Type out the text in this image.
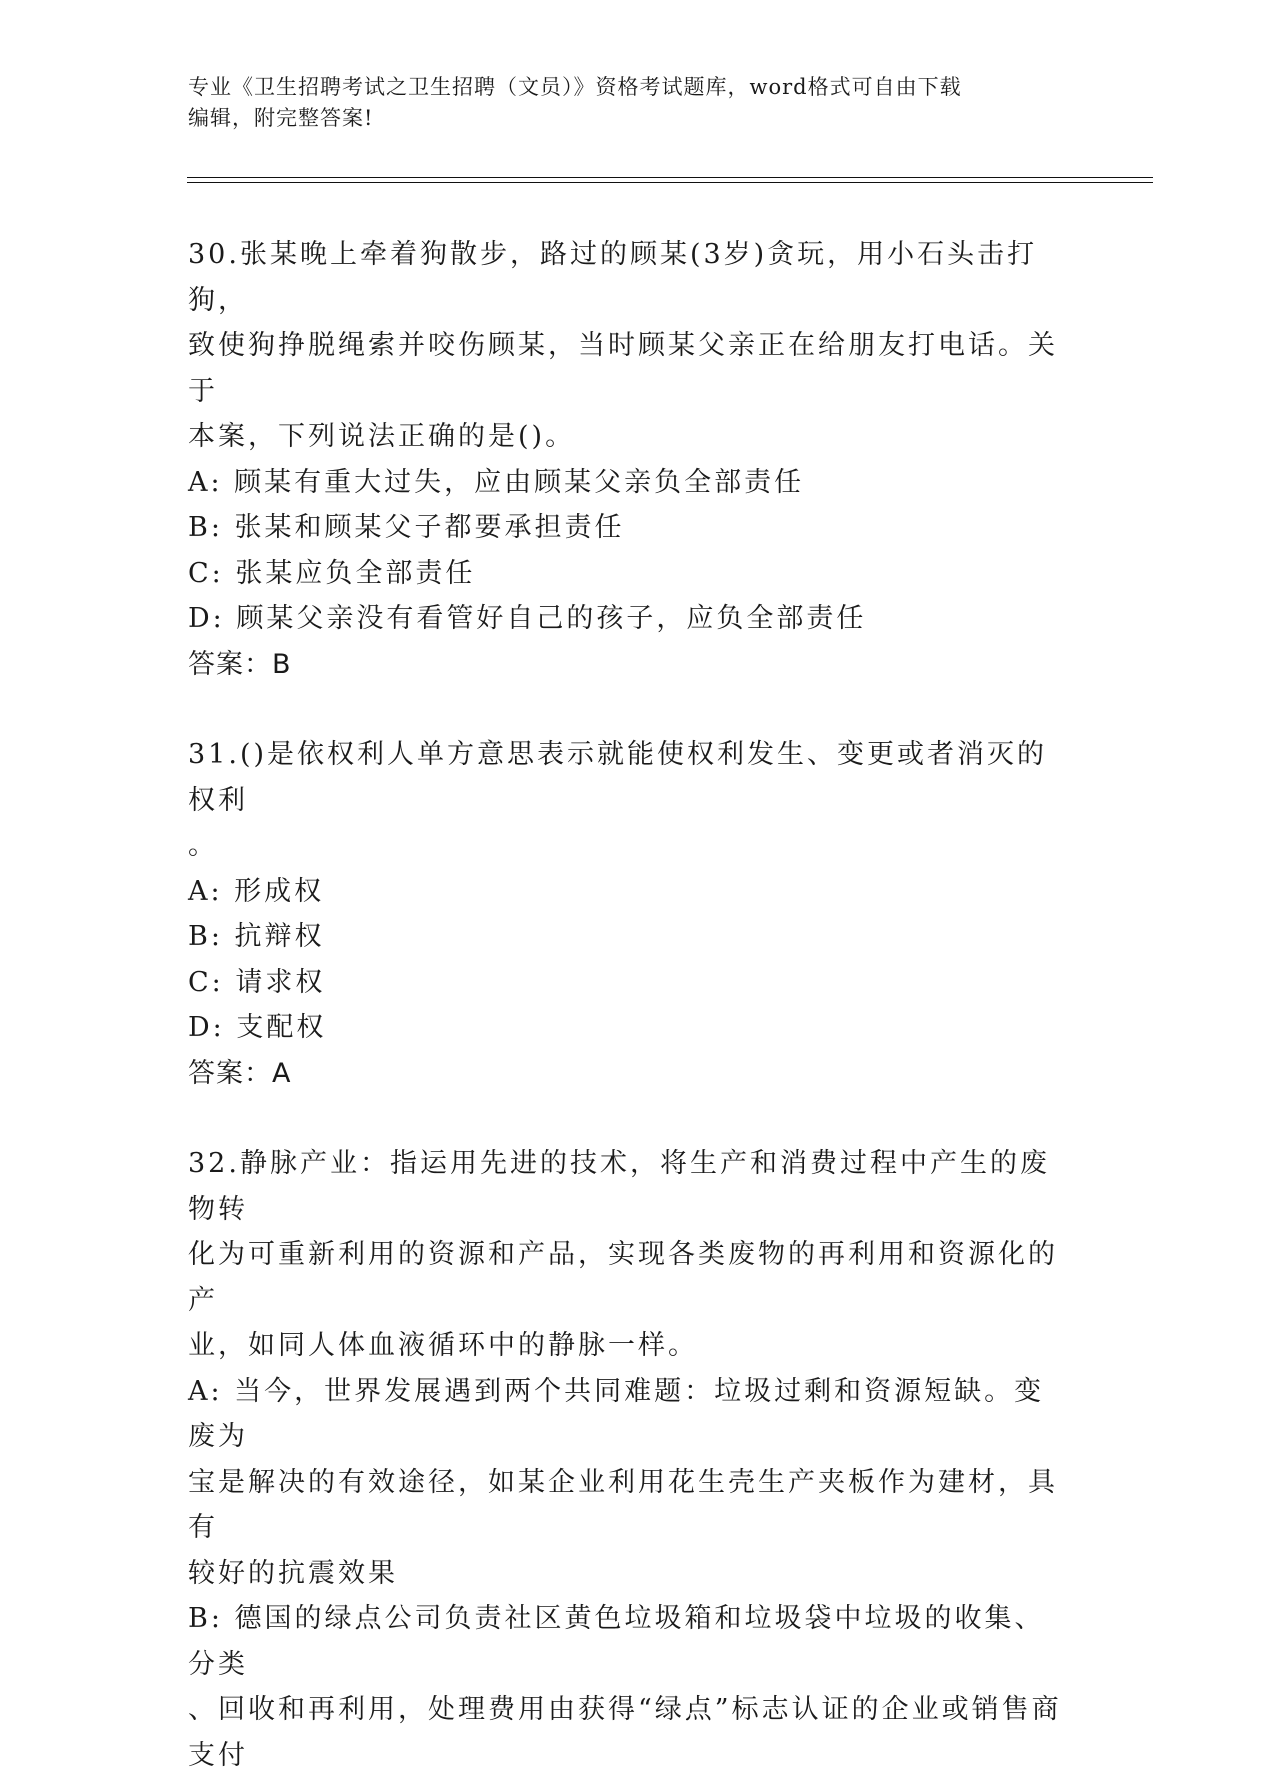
专业《卫生招聘考试之卫生招聘（文员）》资格考试题库，word格式可自由下载
编辑，附完整答案!
30.张某晚上牵着狗散步，路过的顾某(3岁)贪玩，用小石头击打狗，
致使狗挣脱绳索并咬伤顾某，当时顾某父亲正在给朋友打电话。关于
本案，下列说法正确的是()。
A: 顾某有重大过失，应由顾某父亲负全部责任
B: 张某和顾某父子都要承担责任
C: 张某应负全部责任
D: 顾某父亲没有看管好自己的孩子，应负全部责任
答案：B
31.()是依权利人单方意思表示就能使权利发生、变更或者消灭的权利
。
A: 形成权
B: 抗辩权
C: 请求权
D: 支配权
答案：A
32.静脉产业：指运用先进的技术，将生产和消费过程中产生的废物转
化为可重新利用的资源和产品，实现各类废物的再利用和资源化的产
业，如同人体血液循环中的静脉一样。
A: 当今，世界发展遇到两个共同难题：垃圾过剩和资源短缺。变废为
宝是解决的有效途径，如某企业利用花生壳生产夹板作为建材，具有
较好的抗震效果
B: 德国的绿点公司负责社区黄色垃圾箱和垃圾袋中垃圾的收集、分类
、回收和再利用，处理费用由获得“绿点”标志认证的企业或销售商
支付
